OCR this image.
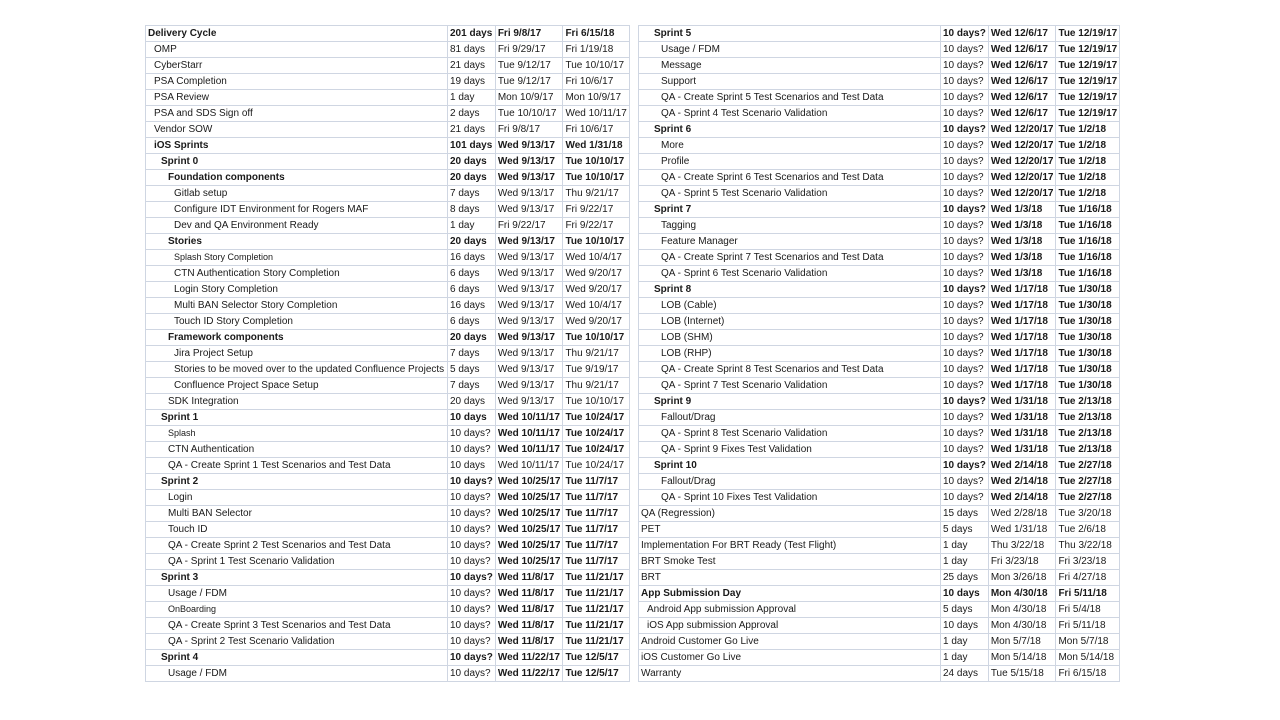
Delivery Cycle	201 days	Fri 9/8/17	Fri 6/15/18
OMP	81 days	Fri 9/29/17	Fri 1/19/18
CyberStarr	21 days	Tue 9/12/17	Tue 10/10/17
PSA Completion	19 days	Tue 9/12/17	Fri 10/6/17
PSA Review	1 day	Mon 10/9/17	Mon 10/9/17
PSA and SDS Sign off	2 days	Tue 10/10/17	Wed 10/11/17
Vendor SOW	21 days	Fri 9/8/17	Fri 10/6/17
iOS Sprints	101 days	Wed 9/13/17	Wed 1/31/18
Sprint 0	20 days	Wed 9/13/17	Tue 10/10/17
Foundation components	20 days	Wed 9/13/17	Tue 10/10/17
Gitlab setup	7 days	Wed 9/13/17	Thu 9/21/17
Configure IDT Environment for Rogers MAF	8 days	Wed 9/13/17	Fri 9/22/17
Dev and QA Environment Ready	1 day	Fri 9/22/17	Fri 9/22/17
Stories	20 days	Wed 9/13/17	Tue 10/10/17
Splash Story Completion	16 days	Wed 9/13/17	Wed 10/4/17
CTN Authentication Story Completion	6 days	Wed 9/13/17	Wed 9/20/17
Login Story Completion	6 days	Wed 9/13/17	Wed 9/20/17
Multi BAN Selector Story Completion	16 days	Wed 9/13/17	Wed 10/4/17
Touch ID Story Completion	6 days	Wed 9/13/17	Wed 9/20/17
Framework components	20 days	Wed 9/13/17	Tue 10/10/17
Jira Project Setup	7 days	Wed 9/13/17	Thu 9/21/17
Stories to be moved over to the updated Confluence Projects	5 days	Wed 9/13/17	Tue 9/19/17
Confluence Project Space Setup	7 days	Wed 9/13/17	Thu 9/21/17
SDK Integration	20 days	Wed 9/13/17	Tue 10/10/17
Sprint 1	10 days	Wed 10/11/17	Tue 10/24/17
Splash	10 days?	Wed 10/11/17	Tue 10/24/17
CTN Authentication	10 days?	Wed 10/11/17	Tue 10/24/17
QA - Create Sprint 1 Test Scenarios and Test Data	10 days	Wed 10/11/17	Tue 10/24/17
Sprint 2	10 days?	Wed 10/25/17	Tue 11/7/17
Login	10 days?	Wed 10/25/17	Tue 11/7/17
Multi BAN Selector	10 days?	Wed 10/25/17	Tue 11/7/17
Touch ID	10 days?	Wed 10/25/17	Tue 11/7/17
QA - Create Sprint 2 Test Scenarios and Test Data	10 days?	Wed 10/25/17	Tue 11/7/17
QA - Sprint 1 Test Scenario Validation	10 days?	Wed 10/25/17	Tue 11/7/17
Sprint 3	10 days?	Wed 11/8/17	Tue 11/21/17
Usage / FDM	10 days?	Wed 11/8/17	Tue 11/21/17
OnBoarding	10 days?	Wed 11/8/17	Tue 11/21/17
QA - Create Sprint 3 Test Scenarios and Test Data	10 days?	Wed 11/8/17	Tue 11/21/17
QA - Sprint 2 Test Scenario Validation	10 days?	Wed 11/8/17	Tue 11/21/17
Sprint 4	10 days?	Wed 11/22/17	Tue 12/5/17
Usage / FDM	10 days?	Wed 11/22/17	Tue 12/5/17
Sprint 5	10 days?	Wed 12/6/17	Tue 12/19/17
Usage / FDM	10 days?	Wed 12/6/17	Tue 12/19/17
Message	10 days?	Wed 12/6/17	Tue 12/19/17
Support	10 days?	Wed 12/6/17	Tue 12/19/17
QA - Create Sprint 5 Test Scenarios and Test Data	10 days?	Wed 12/6/17	Tue 12/19/17
QA - Sprint 4 Test Scenario Validation	10 days?	Wed 12/6/17	Tue 12/19/17
Sprint 6	10 days?	Wed 12/20/17	Tue 1/2/18
More	10 days?	Wed 12/20/17	Tue 1/2/18
Profile	10 days?	Wed 12/20/17	Tue 1/2/18
QA - Create Sprint 6 Test Scenarios and Test Data	10 days?	Wed 12/20/17	Tue 1/2/18
QA - Sprint 5 Test Scenario Validation	10 days?	Wed 12/20/17	Tue 1/2/18
Sprint 7	10 days?	Wed 1/3/18	Tue 1/16/18
Tagging	10 days?	Wed 1/3/18	Tue 1/16/18
Feature Manager	10 days?	Wed 1/3/18	Tue 1/16/18
QA - Create Sprint 7 Test Scenarios and Test Data	10 days?	Wed 1/3/18	Tue 1/16/18
QA - Sprint 6 Test Scenario Validation	10 days?	Wed 1/3/18	Tue 1/16/18
Sprint 8	10 days?	Wed 1/17/18	Tue 1/30/18
LOB (Cable)	10 days?	Wed 1/17/18	Tue 1/30/18
LOB (Internet)	10 days?	Wed 1/17/18	Tue 1/30/18
LOB (SHM)	10 days?	Wed 1/17/18	Tue 1/30/18
LOB (RHP)	10 days?	Wed 1/17/18	Tue 1/30/18
QA - Create Sprint 8 Test Scenarios and Test Data	10 days?	Wed 1/17/18	Tue 1/30/18
QA - Sprint 7 Test Scenario Validation	10 days?	Wed 1/17/18	Tue 1/30/18
Sprint 9	10 days?	Wed 1/31/18	Tue 2/13/18
Fallout/Drag	10 days?	Wed 1/31/18	Tue 2/13/18
QA - Sprint 8 Test Scenario Validation	10 days?	Wed 1/31/18	Tue 2/13/18
QA - Sprint 9 Fixes Test Validation	10 days?	Wed 1/31/18	Tue 2/13/18
Sprint 10	10 days?	Wed 2/14/18	Tue 2/27/18
Fallout/Drag	10 days?	Wed 2/14/18	Tue 2/27/18
QA - Sprint 10 Fixes Test Validation	10 days?	Wed 2/14/18	Tue 2/27/18
QA (Regression)	15 days	Wed 2/28/18	Tue 3/20/18
PET	5 days	Wed 1/31/18	Tue 2/6/18
Implementation For BRT Ready (Test Flight)	1 day	Thu 3/22/18	Thu 3/22/18
BRT Smoke Test	1 day	Fri 3/23/18	Fri 3/23/18
BRT	25 days	Mon 3/26/18	Fri 4/27/18
App Submission Day	10 days	Mon 4/30/18	Fri 5/11/18
Android App submission Approval	5 days	Mon 4/30/18	Fri 5/4/18
iOS App submission Approval	10 days	Mon 4/30/18	Fri 5/11/18
Android Customer Go Live	1 day	Mon 5/7/18	Mon 5/7/18
iOS Customer Go Live	1 day	Mon 5/14/18	Mon 5/14/18
Warranty	24 days	Tue 5/15/18	Fri 6/15/18
